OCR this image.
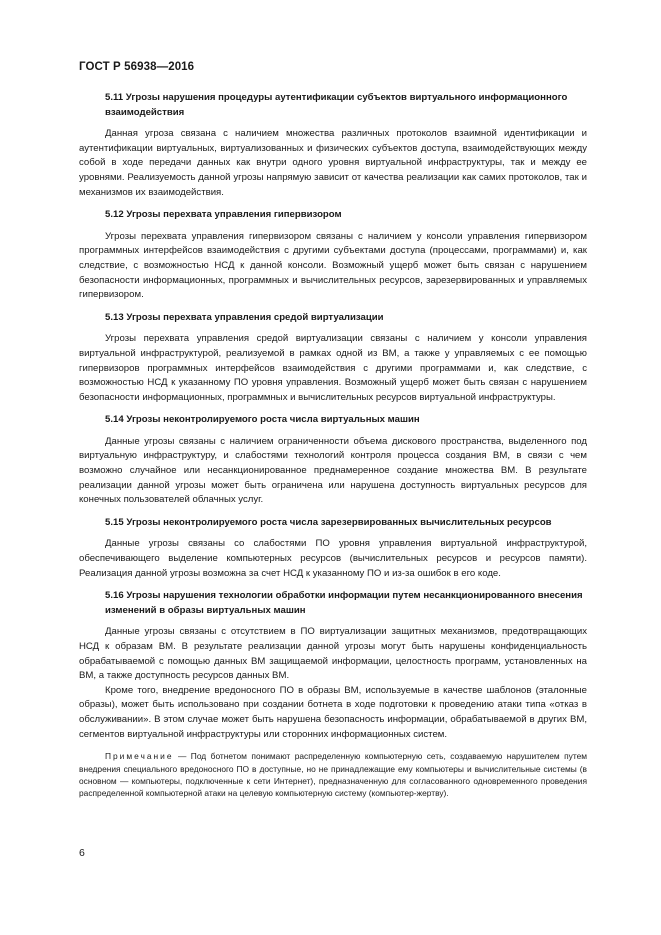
ГОСТ Р 56938—2016
5.11 Угрозы нарушения процедуры аутентификации субъектов виртуального информационного взаимодействия

Данная угроза связана с наличием множества различных протоколов взаимной идентификации и аутентификации виртуальных, виртуализованных и физических субъектов доступа, взаимодействующих между собой в ходе передачи данных как внутри одного уровня виртуальной инфраструктуры, так и между ее уровнями. Реализуемость данной угрозы напрямую зависит от качества реализации как самих протоколов, так и механизмов их взаимодействия.

5.12 Угрозы перехвата управления гипервизором

Угрозы перехвата управления гипервизором связаны с наличием у консоли управления гипервизором программных интерфейсов взаимодействия с другими субъектами доступа (процессами, программами) и, как следствие, с возможностью НСД к данной консоли. Возможный ущерб может быть связан с нарушением безопасности информационных, программных и вычислительных ресурсов, зарезервированных и управляемых гипервизором.

5.13 Угрозы перехвата управления средой виртуализации

Угрозы перехвата управления средой виртуализации связаны с наличием у консоли управления виртуальной инфраструктурой, реализуемой в рамках одной из ВМ, а также у управляемых с ее помощью гипервизоров программных интерфейсов взаимодействия с другими программами и, как следствие, с возможностью НСД к указанному ПО уровня управления. Возможный ущерб может быть связан с нарушением безопасности информационных, программных и вычислительных ресурсов виртуальной инфраструктуры.

5.14 Угрозы неконтролируемого роста числа виртуальных машин

Данные угрозы связаны с наличием ограниченности объема дискового пространства, выделенного под виртуальную инфраструктуру, и слабостями технологий контроля процесса создания ВМ, в связи с чем возможно случайное или несанкционированное преднамеренное создание множества ВМ. В результате реализации данной угрозы может быть ограничена или нарушена доступность виртуальных ресурсов для конечных пользователей облачных услуг.

5.15 Угрозы неконтролируемого роста числа зарезервированных вычислительных ресурсов

Данные угрозы связаны со слабостями ПО уровня управления виртуальной инфраструктурой, обеспечивающего выделение компьютерных ресурсов (вычислительных ресурсов и ресурсов памяти). Реализация данной угрозы возможна за счет НСД к указанному ПО и из-за ошибок в его коде.

5.16 Угрозы нарушения технологии обработки информации путем несанкционированного внесения изменений в образы виртуальных машин

Данные угрозы связаны с отсутствием в ПО виртуализации защитных механизмов, предотвращающих НСД к образам ВМ. В результате реализации данной угрозы могут быть нарушены конфиденциальность обрабатываемой с помощью данных ВМ защищаемой информации, целостность программ, установленных на ВМ, а также доступность ресурсов данных ВМ.

Кроме того, внедрение вредоносного ПО в образы ВМ, используемые в качестве шаблонов (эталонные образы), может быть использовано при создании ботнета в ходе подготовки к проведению атаки типа «отказ в обслуживании». В этом случае может быть нарушена безопасность информации, обрабатываемой в других ВМ, сегментов виртуальной инфраструктуры или сторонних информационных систем.

Примечание — Под ботнетом понимают распределенную компьютерную сеть, создаваемую нарушителем путем внедрения специального вредоносного ПО в доступные, но не принадлежащие ему компьютеры и вычислительные системы (в основном — компьютеры, подключенные к сети Интернет), предназначенную для согласованного одновременного проведения распределенной компьютерной атаки на целевую компьютерную систему (компьютер-жертву).
6
